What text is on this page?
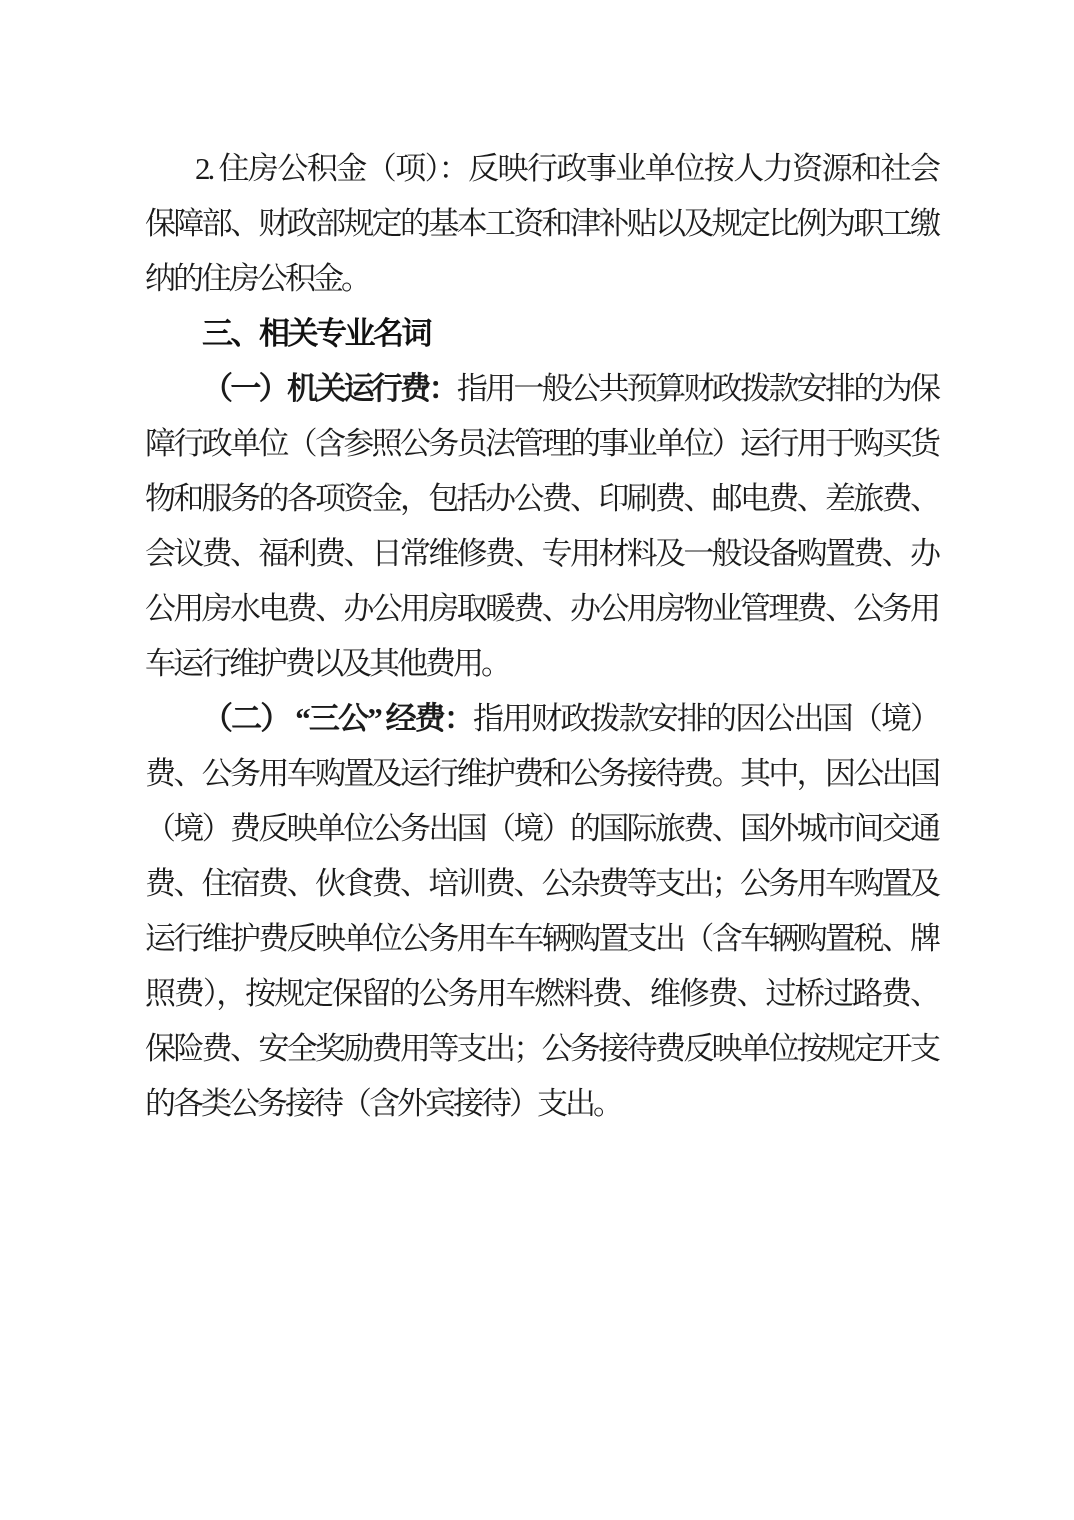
2. 住房公积金（项）：反映行政事业单位按人力资源和社会
保障部、财政部规定的基本工资和津补贴以及规定比例为职工缴
纳的住房公积金。
三、相关专业名词
（一）机关运行费：指用一般公共预算财政拨款安排的为保
障行政单位（含参照公务员法管理的事业单位）运行用于购买货
物和服务的各项资金，包括办公费、印刷费、邮电费、差旅费、
会议费、福利费、日常维修费、专用材料及一般设备购置费、办
公用房水电费、办公用房取暖费、办公用房物业管理费、公务用
车运行维护费以及其他费用。
（二） “三公” 经费：指用财政拨款安排的因公出国（境）
费、公务用车购置及运行维护费和公务接待费。其中，因公出国
（境）费反映单位公务出国（境）的国际旅费、国外城市间交通
费、住宿费、伙食费、培训费、公杂费等支出；公务用车购置及
运行维护费反映单位公务用车车辆购置支出（含车辆购置税、牌
照费），按规定保留的公务用车燃料费、维修费、过桥过路费、
保险费、安全奖励费用等支出；公务接待费反映单位按规定开支
的各类公务接待（含外宾接待）支出。
